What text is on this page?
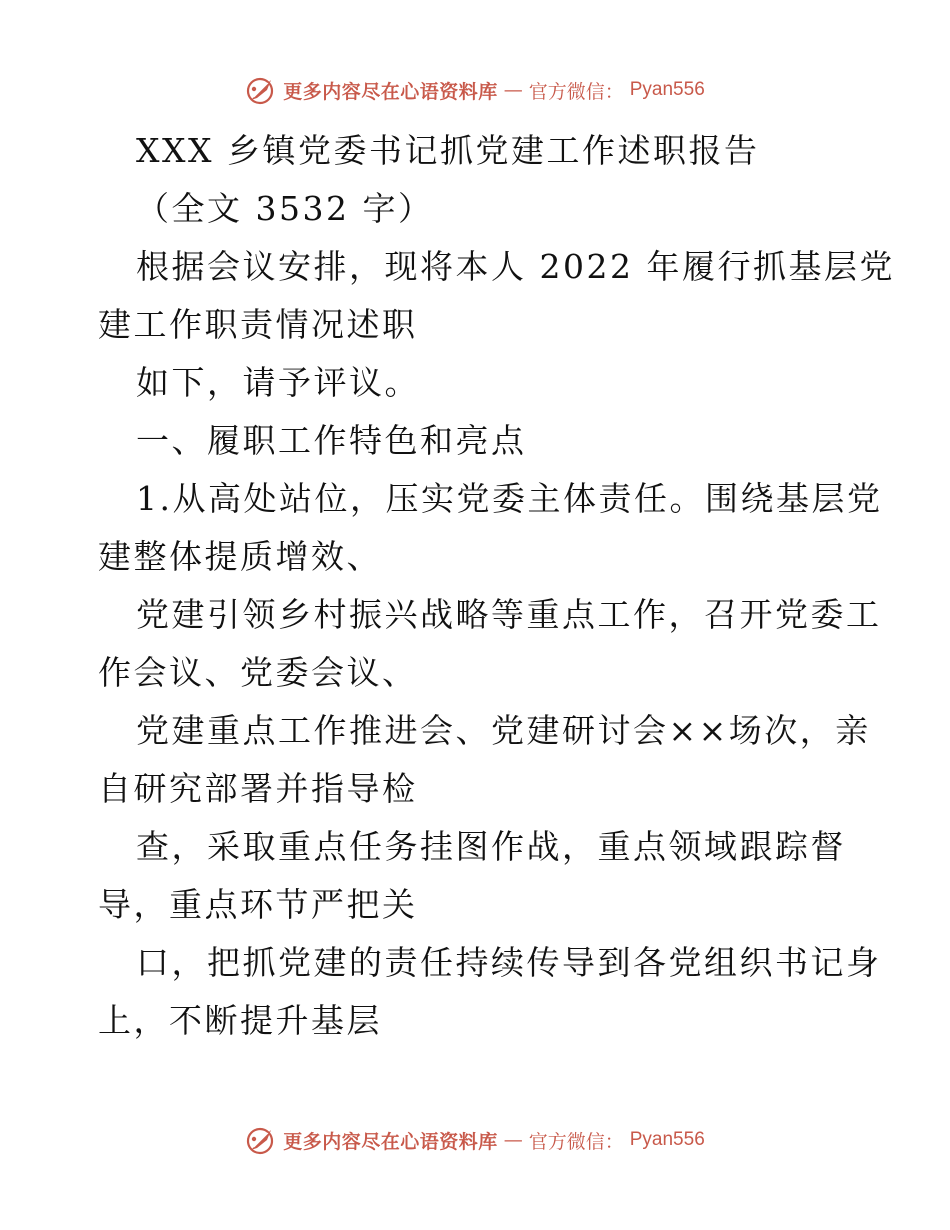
更多内容尽在心语资料库 — 官方微信： Pyan556
XXX 乡镇党委书记抓党建工作述职报告
（全文 3532 字）
根据会议安排，现将本人 2022 年履行抓基层党
建工作职责情况述职
如下，请予评议。
一、履职工作特色和亮点
1.从高处站位，压实党委主体责任。围绕基层党
建整体提质增效、
党建引领乡村振兴战略等重点工作，召开党委工
作会议、党委会议、
党建重点工作推进会、党建研讨会××场次，亲
自研究部署并指导检
查，采取重点任务挂图作战，重点领域跟踪督
导，重点环节严把关
口，把抓党建的责任持续传导到各党组织书记身
上，不断提升基层
更多内容尽在心语资料库 — 官方微信： Pyan556
